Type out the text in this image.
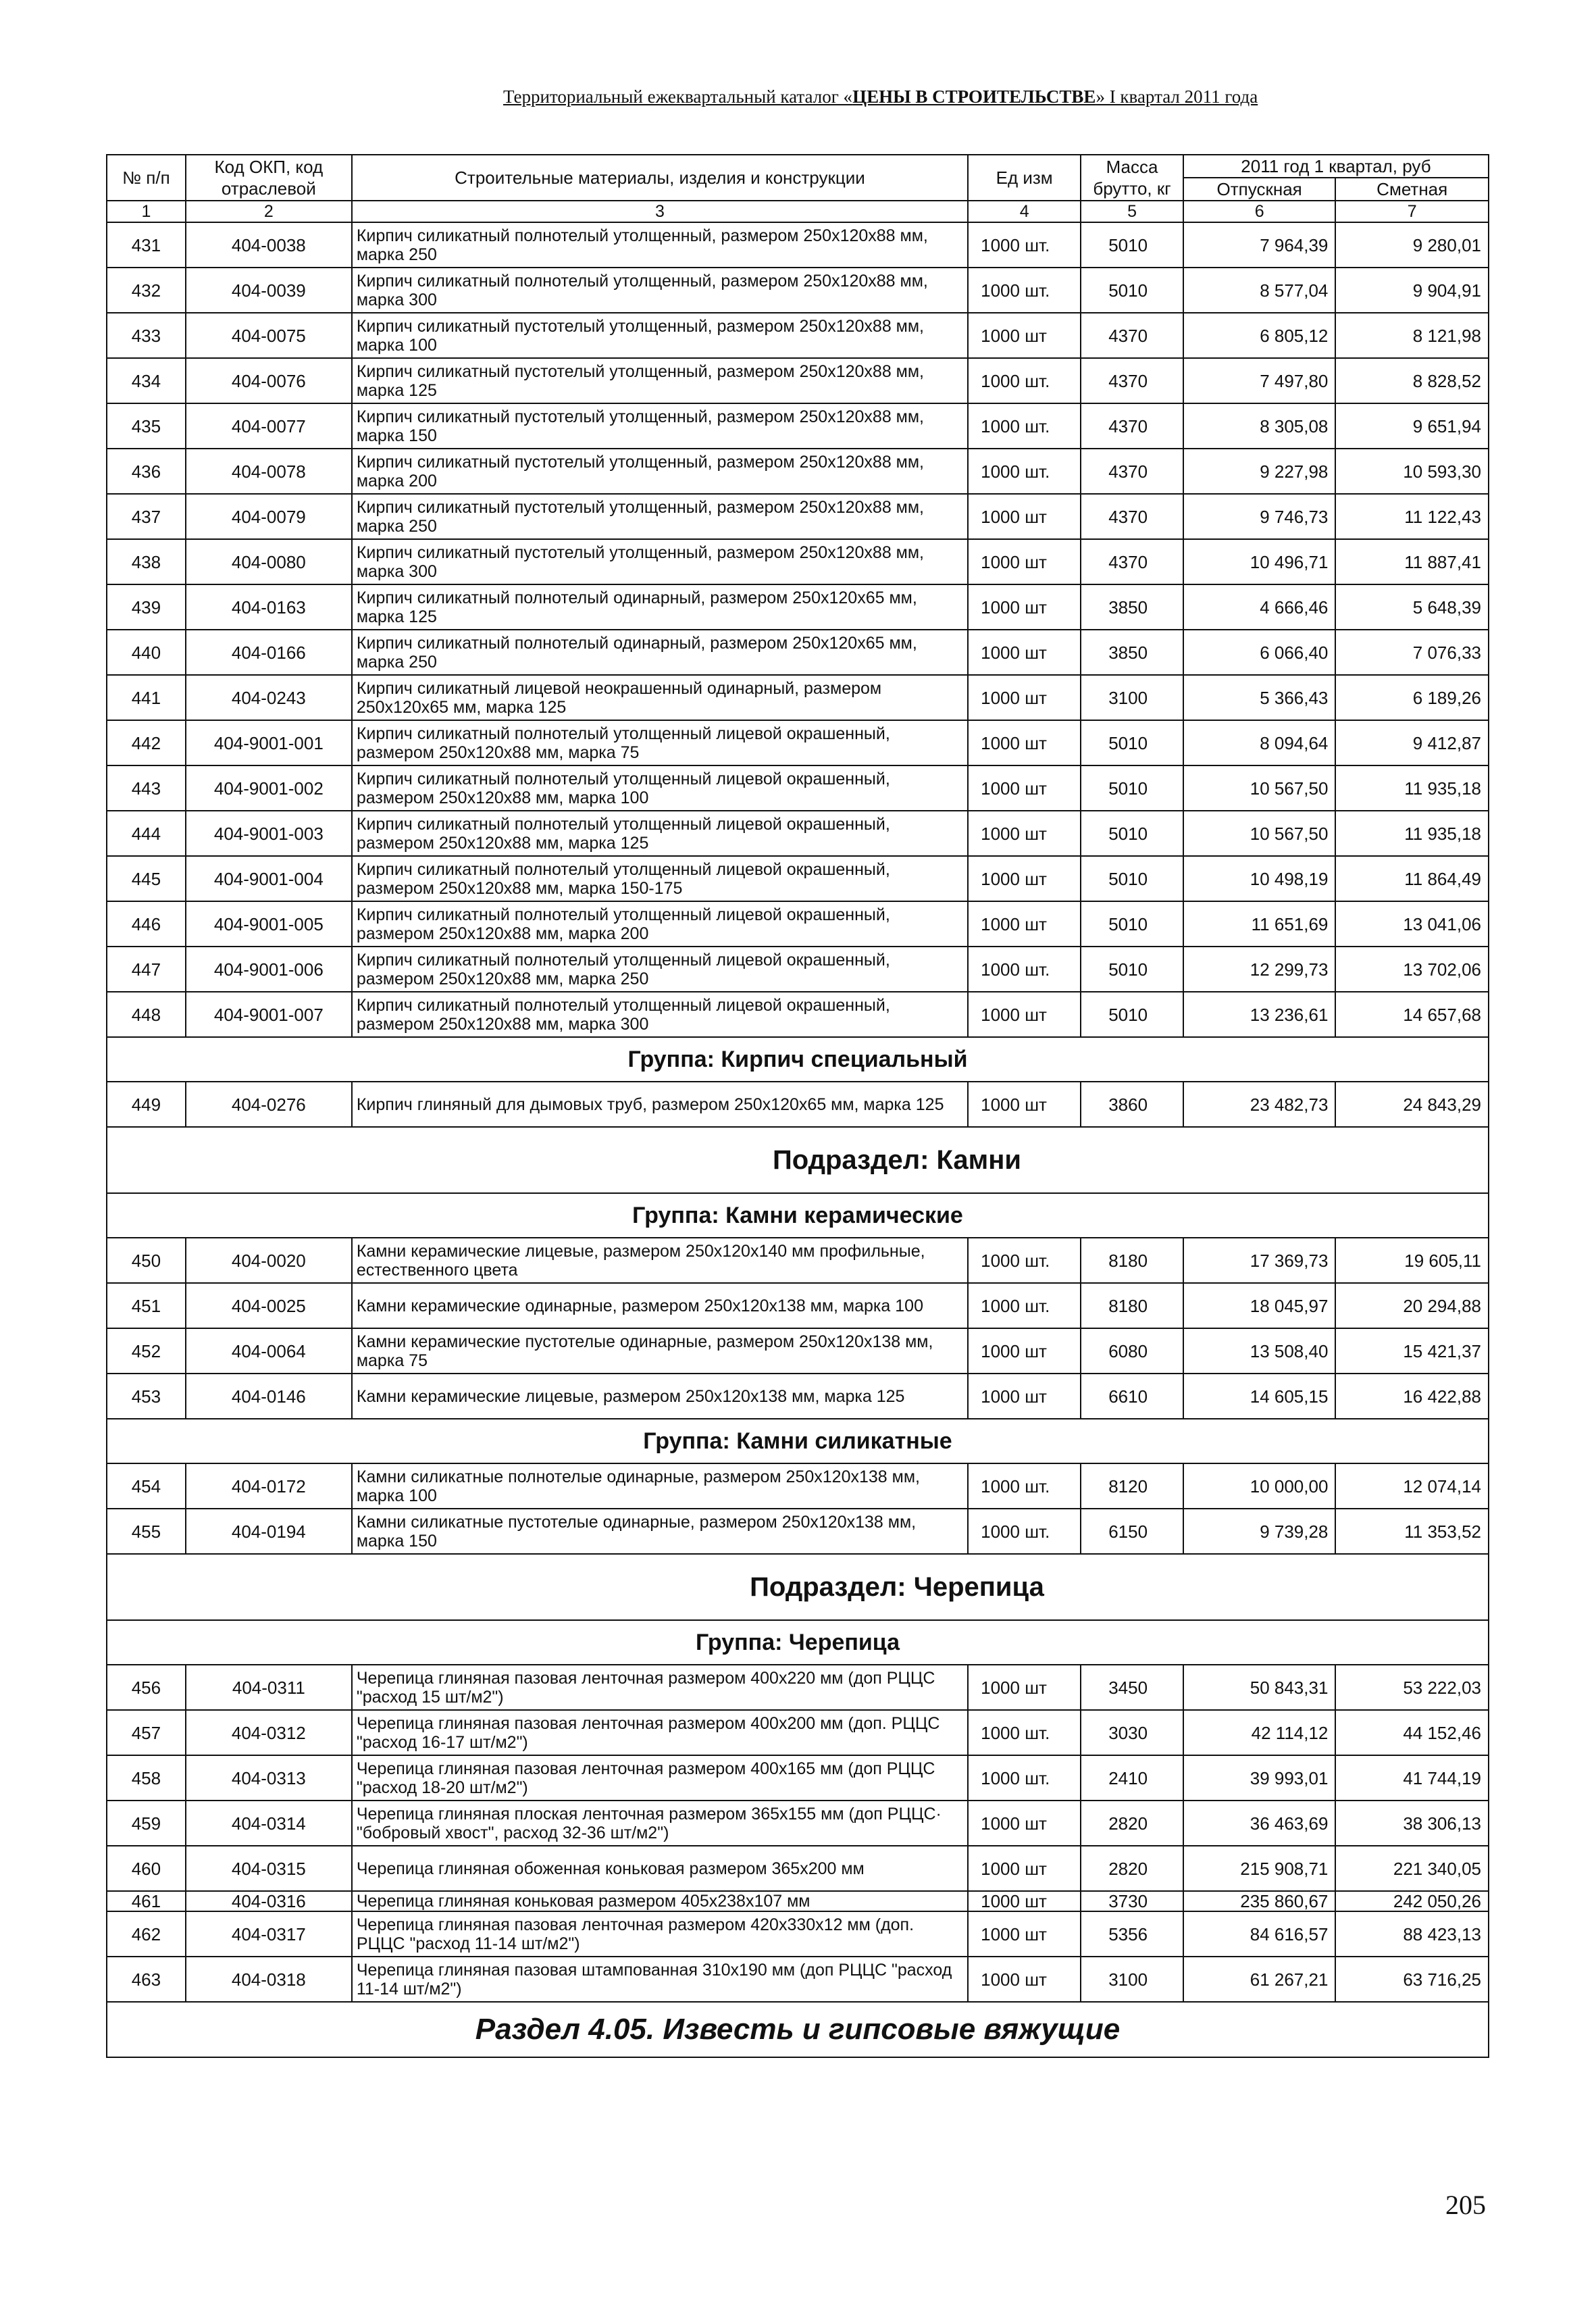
Территориальный ежеквартальный каталог «ЦЕНЫ В СТРОИТЕЛЬСТВЕ» I квартал 2011 года
№ п/п	Код ОКП, код отраслевой	Строительные материалы, изделия и конструкции	Ед изм	Масса брутто, кг	2011 год 1 квартал, руб	
					Отпускная	Сметная
1	2	3	4	5	6	7
431	404-0038	Кирпич силикатный полнотелый утолщенный, размером 250х120х88 мм, марка 250	1000 шт.	5010	7 964,39	9 280,01
432	404-0039	Кирпич силикатный полнотелый утолщенный, размером 250х120х88 мм, марка 300	1000 шт.	5010	8 577,04	9 904,91
433	404-0075	Кирпич силикатный пустотелый утолщенный, размером 250х120х88 мм, марка 100	1000 шт	4370	6 805,12	8 121,98
434	404-0076	Кирпич силикатный пустотелый утолщенный, размером 250х120х88 мм, марка 125	1000 шт.	4370	7 497,80	8 828,52
435	404-0077	Кирпич силикатный пустотелый утолщенный, размером 250х120х88 мм, марка 150	1000 шт.	4370	8 305,08	9 651,94
436	404-0078	Кирпич силикатный пустотелый утолщенный, размером 250х120х88 мм, марка 200	1000 шт.	4370	9 227,98	10 593,30
437	404-0079	Кирпич силикатный пустотелый утолщенный, размером 250х120х88 мм, марка 250	1000 шт	4370	9 746,73	11 122,43
438	404-0080	Кирпич силикатный пустотелый утолщенный, размером 250х120х88 мм, марка 300	1000 шт	4370	10 496,71	11 887,41
439	404-0163	Кирпич силикатный полнотелый одинарный, размером 250х120х65 мм, марка 125	1000 шт	3850	4 666,46	5 648,39
440	404-0166	Кирпич силикатный полнотелый одинарный, размером 250х120х65 мм, марка 250	1000 шт	3850	6 066,40	7 076,33
441	404-0243	Кирпич силикатный лицевой неокрашенный одинарный, размером 250х120х65 мм, марка 125	1000 шт	3100	5 366,43	6 189,26
442	404-9001-001	Кирпич силикатный полнотелый утолщенный лицевой окрашенный, размером 250х120х88 мм, марка 75	1000 шт	5010	8 094,64	9 412,87
443	404-9001-002	Кирпич силикатный полнотелый утолщенный лицевой окрашенный, размером 250х120х88 мм, марка 100	1000 шт	5010	10 567,50	11 935,18
444	404-9001-003	Кирпич силикатный полнотелый утолщенный лицевой окрашенный, размером 250х120х88 мм, марка 125	1000 шт	5010	10 567,50	11 935,18
445	404-9001-004	Кирпич силикатный полнотелый утолщенный лицевой окрашенный, размером 250х120х88 мм, марка 150-175	1000 шт	5010	10 498,19	11 864,49
446	404-9001-005	Кирпич силикатный полнотелый утолщенный лицевой окрашенный, размером 250х120х88 мм, марка 200	1000 шт	5010	11 651,69	13 041,06
447	404-9001-006	Кирпич силикатный полнотелый утолщенный лицевой окрашенный, размером 250х120х88 мм, марка 250	1000 шт.	5010	12 299,73	13 702,06
448	404-9001-007	Кирпич силикатный полнотелый утолщенный лицевой окрашенный, размером 250х120х88 мм, марка 300	1000 шт	5010	13 236,61	14 657,68
Группа: Кирпич специальный						
449	404-0276	Кирпич глиняный для дымовых труб, размером 250х120х65 мм, марка 125	1000 шт	3860	23 482,73	24 843,29
Подраздел: Камни						
Группа: Камни керамические						
450	404-0020	Камни керамические лицевые, размером 250х120х140 мм профильные, естественного цвета	1000 шт.	8180	17 369,73	19 605,11
451	404-0025	Камни керамические одинарные, размером 250х120х138 мм, марка 100	1000 шт.	8180	18 045,97	20 294,88
452	404-0064	Камни керамические пустотелые одинарные, размером 250х120х138 мм, марка 75	1000 шт	6080	13 508,40	15 421,37
453	404-0146	Камни керамические лицевые, размером 250х120х138 мм, марка 125	1000 шт	6610	14 605,15	16 422,88
Группа: Камни силикатные						
454	404-0172	Камни силикатные полнотелые одинарные, размером 250х120х138 мм, марка 100	1000 шт.	8120	10 000,00	12 074,14
455	404-0194	Камни силикатные пустотелые одинарные, размером 250х120х138 мм, марка 150	1000 шт.	6150	9 739,28	11 353,52
Подраздел: Черепица						
Группа: Черепица						
456	404-0311	Черепица глиняная пазовая ленточная размером 400х220 мм (доп РЦЦС "расход 15 шт/м2")	1000 шт	3450	50 843,31	53 222,03
457	404-0312	Черепица глиняная пазовая ленточная размером 400х200 мм (доп. РЦЦС "расход 16-17 шт/м2")	1000 шт.	3030	42 114,12	44 152,46
458	404-0313	Черепица глиняная пазовая ленточная размером 400х165 мм (доп РЦЦС "расход 18-20 шт/м2")	1000 шт.	2410	39 993,01	41 744,19
459	404-0314	Черепица глиняная плоская ленточная размером 365х155 мм (доп РЦЦС· "бобровый хвост", расход 32-36 шт/м2")	1000 шт	2820	36 463,69	38 306,13
460	404-0315	Черепица глиняная обоженная коньковая размером 365х200 мм	1000 шт	2820	215 908,71	221 340,05
461	404-0316	Черепица глиняная коньковая размером 405х238х107 мм	1000 шт	3730	235 860,67	242 050,26
462	404-0317	Черепица глиняная пазовая ленточная размером 420х330х12 мм (доп. РЦЦС "расход 11-14 шт/м2")	1000 шт	5356	84 616,57	88 423,13
463	404-0318	Черепица глиняная пазовая штампованная 310х190 мм (доп РЦЦС "расход 11-14 шт/м2")	1000 шт	3100	61 267,21	63 716,25
Раздел 4.05. Известь и гипсовые вяжущие						
205
